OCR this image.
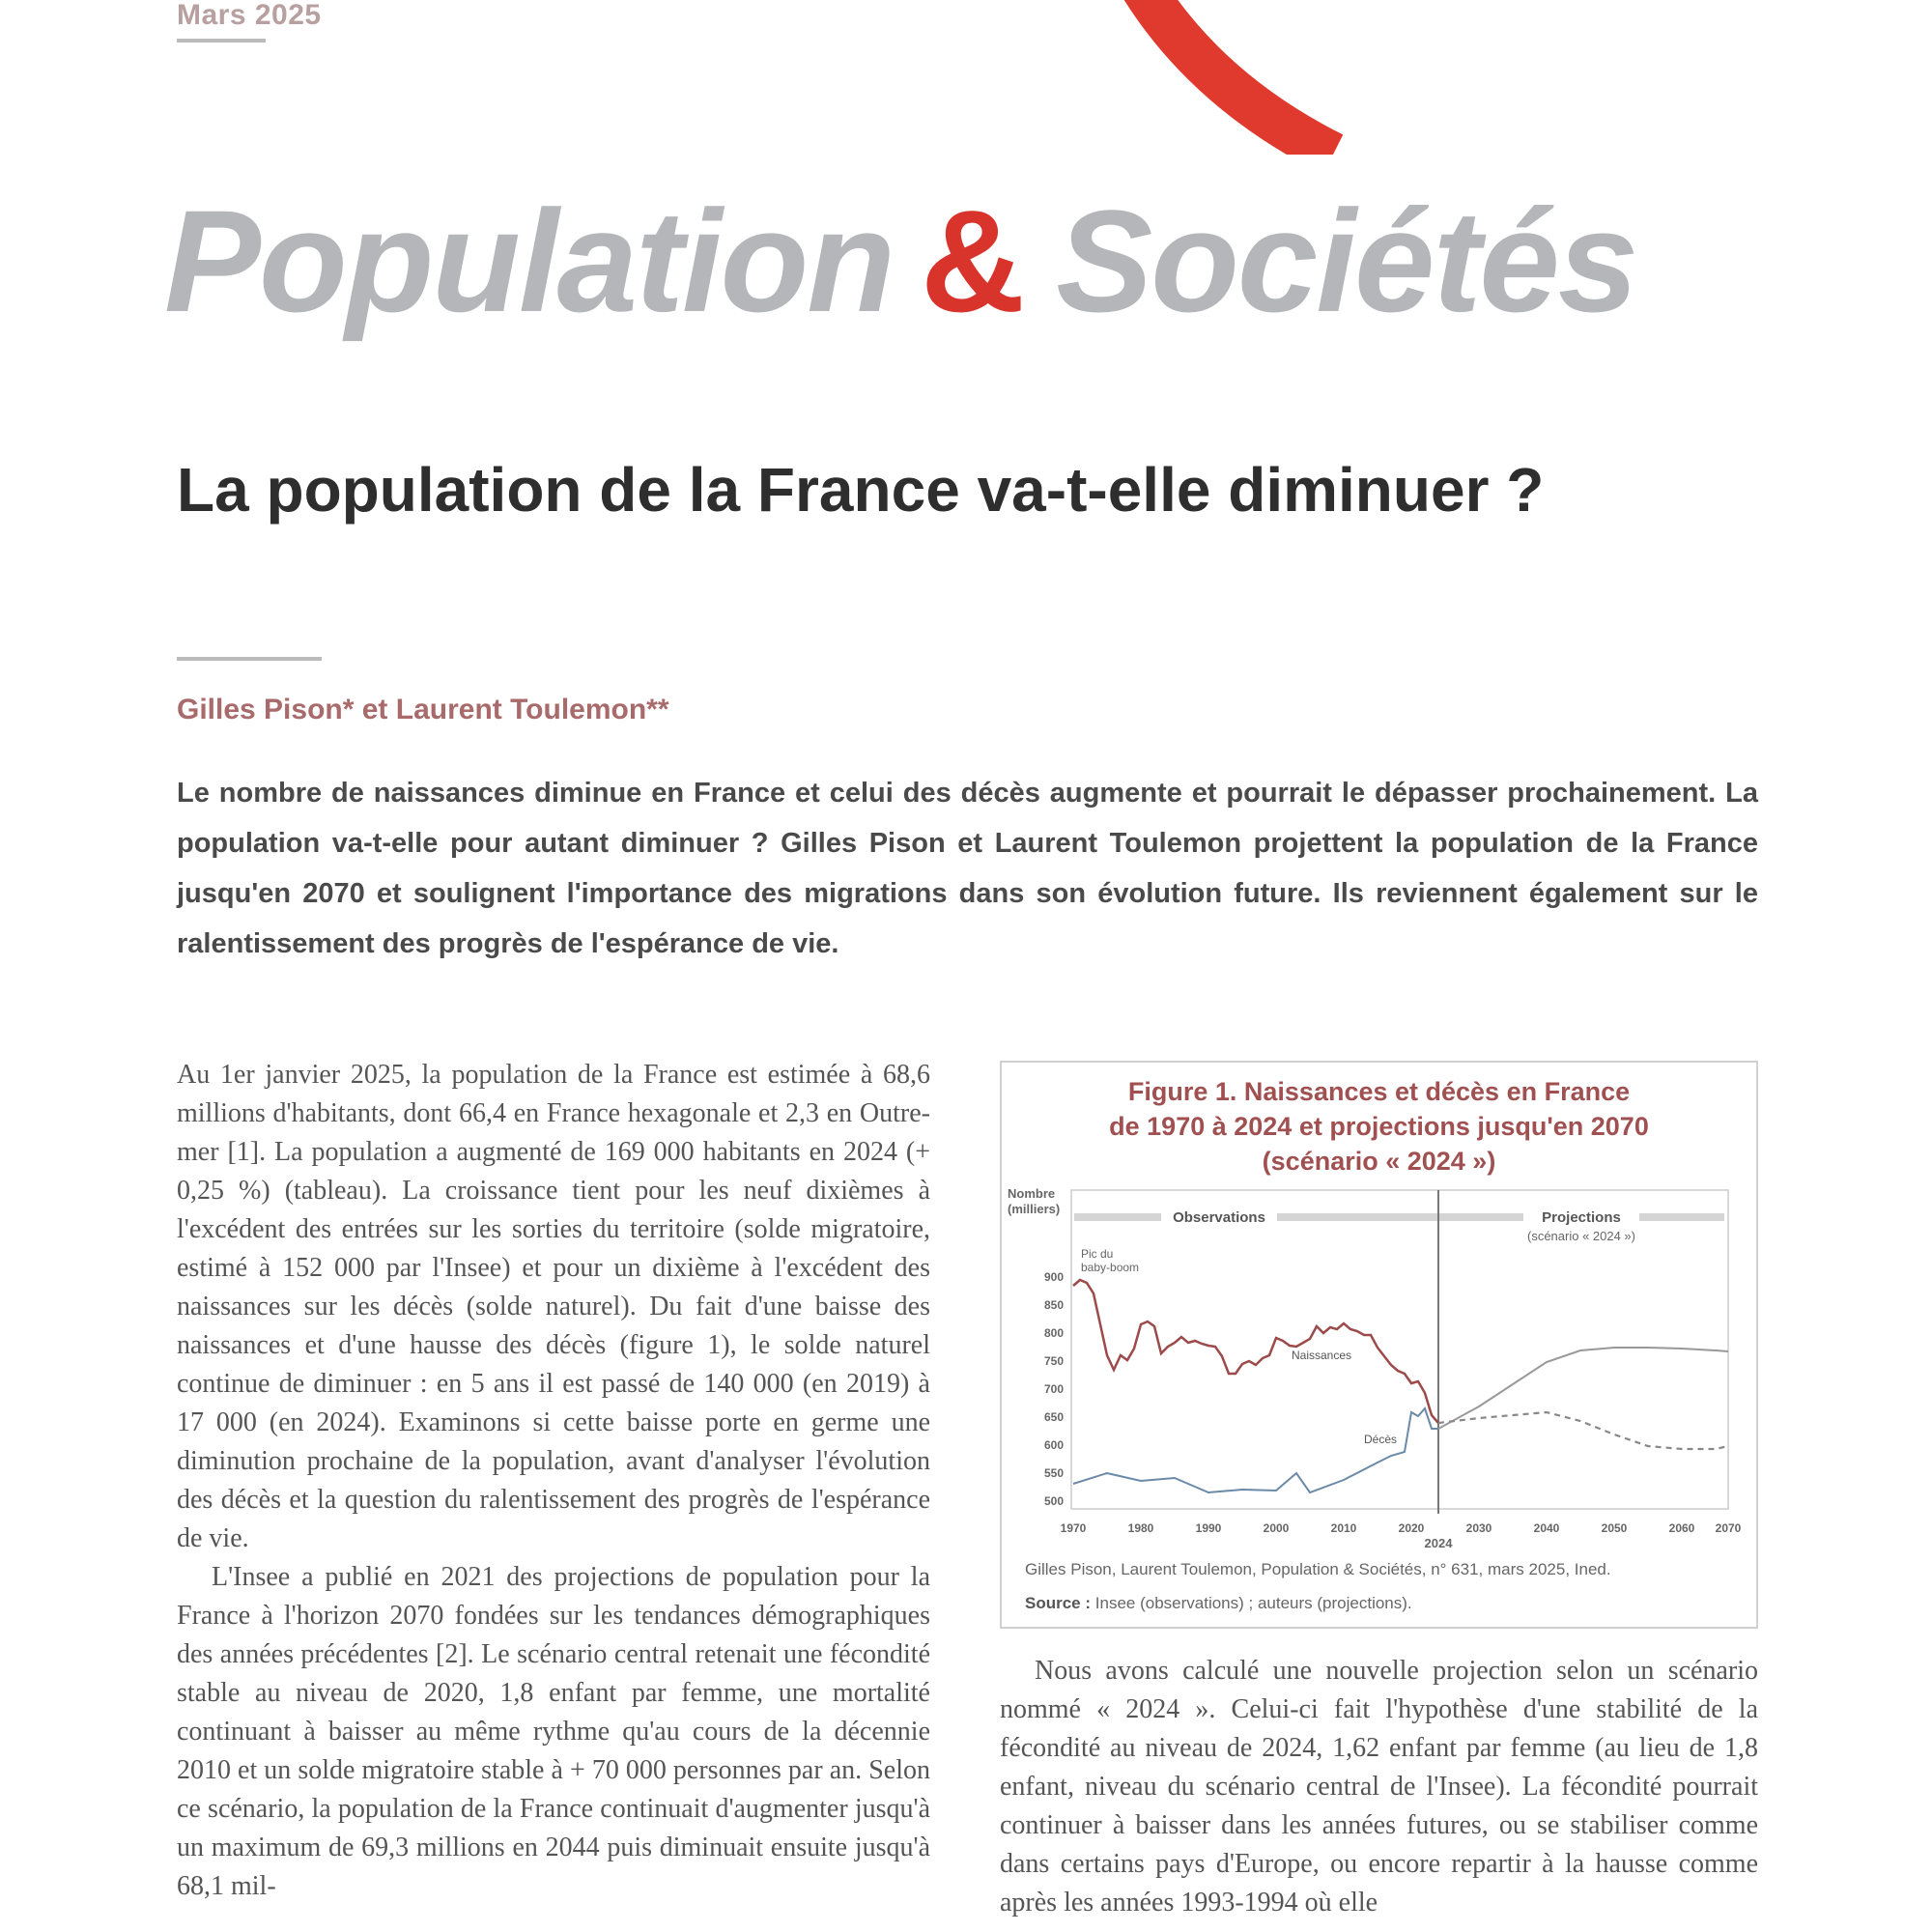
Mars 2025
Population & Sociétés
La population de la France va-t-elle diminuer ?
Gilles Pison* et Laurent Toulemon**
Le nombre de naissances diminue en France et celui des décès augmente et pourrait le dépasser prochainement. La population va-t-elle pour autant diminuer ? Gilles Pison et Laurent Toulemon projettent la population de la France jusqu'en 2070 et soulignent l'importance des migrations dans son évolution future. Ils reviennent également sur le ralentissement des progrès de l'espérance de vie.

Au 1er janvier 2025, la population de la France est estimée à 68,6 millions d'habitants, dont 66,4 en France hexagonale et 2,3 en Outre-mer [1]. La population a augmenté de 169 000 habitants en 2024 (+ 0,25 %) (tableau). La croissance tient pour les neuf dixièmes à l'excédent des entrées sur les sorties du territoire (solde migratoire, estimé à 152 000 par l'Insee) et pour un dixième à l'excédent des naissances sur les décès (solde naturel). Du fait d'une baisse des naissances et d'une hausse des décès (figure 1), le solde naturel continue de diminuer : en 5 ans il est passé de 140 000 (en 2019) à 17 000 (en 2024). Examinons si cette baisse porte en germe une diminution prochaine de la population, avant d'analyser l'évolution des décès et la question du ralentissement des progrès de l'espérance de vie.

L'Insee a publié en 2021 des projections de population pour la France à l'horizon 2070 fondées sur les tendances démographiques des années précédentes [2]. Le scénario central retenait une fécondité stable au niveau de 2020, 1,8 enfant par femme, une mortalité continuant à baisser au même rythme qu'au cours de la décennie 2010 et un solde migratoire stable à + 70 000 personnes par an. Selon ce scénario, la population de la France continuait d'augmenter jusqu'à un maximum de 69,3 millions en 2044 puis diminuait ensuite jusqu'à 68,1 mil-

Figure 1. Naissances et décès en France
de 1970 à 2024 et projections jusqu'en 2070
(scénario « 2024 »)
Nombre
(milliers)
Observations	Projections
(scénario « 2024 »)
900
850
800
750
700
650
600
550
500
1970	1980	1990	2000	2010	2020
2024
2030	2040	2050	2060 2070
Pic du
baby-boom
Naissances
Décès
Gilles Pison, Laurent Toulemon, Population & Sociétés, n° 631, mars 2025, Ined.
Source : Insee (observations) ; auteurs (projections).

Nous avons calculé une nouvelle projection selon un scénario nommé « 2024 ». Celui-ci fait l'hypothèse d'une stabilité de la fécondité au niveau de 2024, 1,62 enfant par femme (au lieu de 1,8 enfant, niveau du scénario central de l'Insee). La fécondité pourrait continuer à baisser dans les années futures, ou se stabiliser comme dans certains pays d'Europe, ou encore repartir à la hausse comme après les années 1993-1994 où elle
